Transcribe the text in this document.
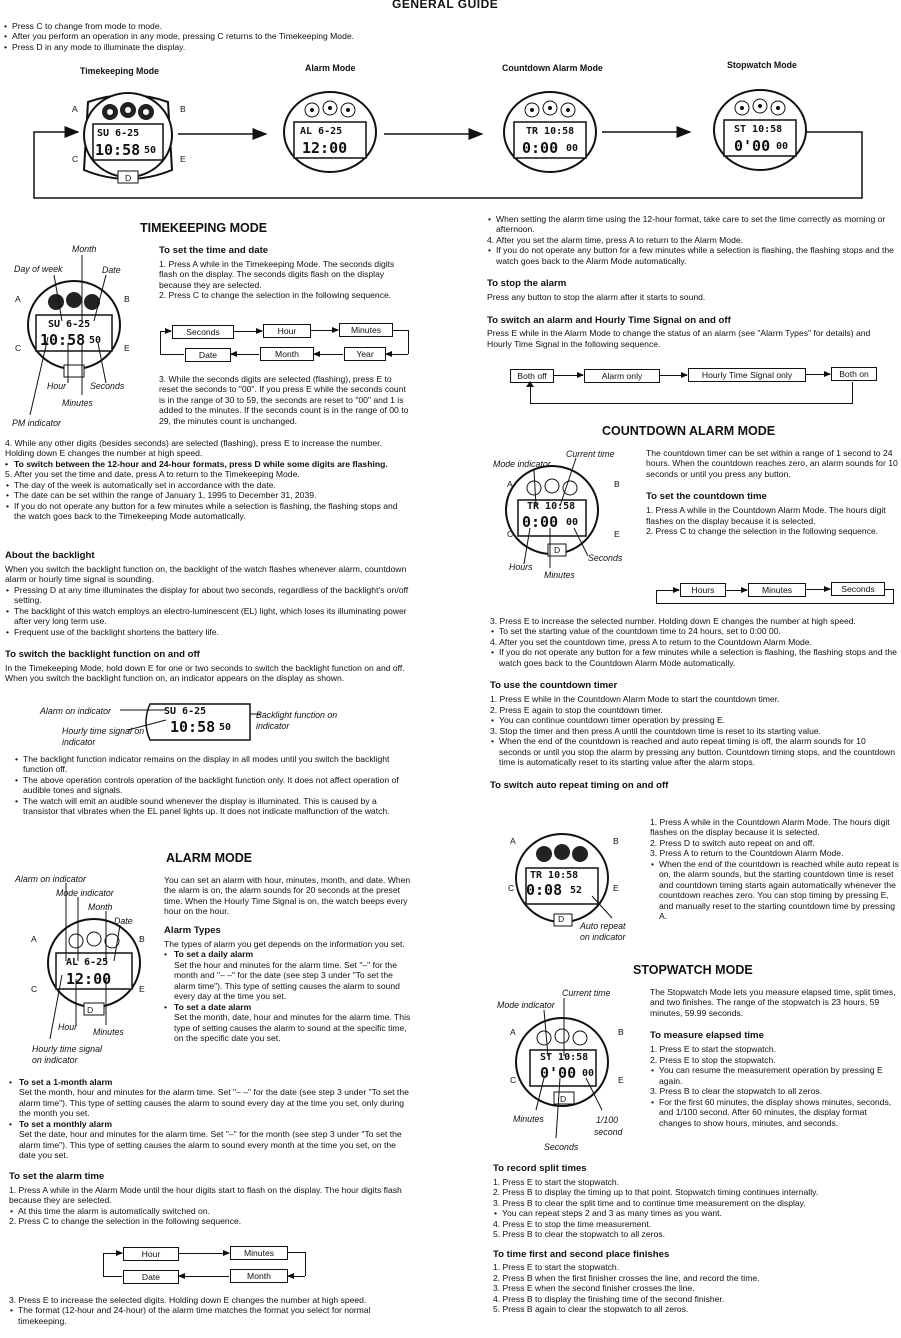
GENERAL GUIDE
• Press C to change from mode to mode.
• After you perform an operation in any mode, pressing C returns to the Timekeeping Mode.
• Press D in any mode to illuminate the display.
Timekeeping Mode	Alarm Mode	Countdown Alarm Mode	Stopwatch Mode
SU 6-25
10:58 50
A	B
C	E
D
AL 6-25
12:00
TR 10:58
0:00 00
ST 10:58
0'00 00
TIMEKEEPING MODE
Month
Day of week	Date
A	B
C	E
SU 6-25
10:58 50
Hour	Seconds
Minutes
PM indicator
To set the time and date

1. Press A while in the Timekeeping Mode. The seconds digits flash on the display. The seconds digits flash on the display because they are selected.

2. Press C to change the selection in the following sequence.

Seconds	Hour	Minutes
Date	Month	Year

3. While the seconds digits are selected (flashing), press E to reset the seconds to "00". If you press E while the seconds count is in the range of 30 to 59, the seconds are reset to "00" and 1 is added to the minutes. If the seconds count is in the range of 00 to 29, the minutes count is unchanged.

4. While any other digits (besides seconds) are selected (flashing), press E to increase the number. Holding down E changes the number at high speed.

• To switch between the 12-hour and 24-hour formats, press D while some digits are flashing.

5. After you set the time and date, press A to return to the Timekeeping Mode.

• The day of the week is automatically set in accordance with the date.
• The date can be set within the range of January 1, 1995 to December 31, 2039.
• If you do not operate any button for a few minutes while a selection is flashing, the flashing stops and the watch goes back to the Timekeeping Mode automatically.
About the backlight

When you switch the backlight function on, the backlight of the watch flashes whenever alarm, countdown alarm or hourly time signal is sounding.

• Pressing D at any time illuminates the display for about two seconds, regardless of the backlight's on/off setting.
• The backlight of this watch employs an electro-luminescent (EL) light, which loses its illuminating power after very long term use.
• Frequent use of the backlight shortens the battery life.
To switch the backlight function on and off

In the Timekeeping Mode, hold down E for one or two seconds to switch the backlight function on and off. When you switch the backlight function on, an indicator appears on the display as shown.

Alarm on indicator
Hourly time signal on indicator
Backlight function on indicator
SU 6-25
10:58 50
• The backlight function indicator remains on the display in all modes until you switch the backlight function off.
• The above operation controls operation of the backlight function only. It does not affect operation of audible tones and signals.
• The watch will emit an audible sound whenever the display is illuminated. This is caused by a transistor that vibrates when the EL panel lights up. It does not indicate malfunction of the watch.
ALARM MODE
Alarm on indicator
Mode indicator
Month
Date
A	B
C	E
AL 6-25
12:00
D
Hour Minutes
Hourly time signal
on indicator

You can set an alarm with hour, minutes, month, and date. When the alarm is on, the alarm sounds for 20 seconds at the preset time. When the Hourly Time Signal is on, the watch beeps every hour on the hour.

Alarm Types

The types of alarm you get depends on the information you set.

• To set a daily alarm

Set the hour and minutes for the alarm time. Set "–" for the month and "– –" for the date (see step 3 under "To set the alarm time"). This type of setting causes the alarm to sound every day at the time you set.

• To set a date alarm

Set the month, date, hour and minutes for the alarm time. This type of setting causes the alarm to sound at the specific time, on the specific date you set.

• To set a 1-month alarm

Set the month, hour and minutes for the alarm time. Set "– –" for the date (see step 3 under "To set the alarm time"). This type of setting causes the alarm to sound every day at the time you set, only during the month you set.

• To set a monthly alarm

Set the date, hour and minutes for the alarm time. Set "–" for the month (see step 3 under "To set the alarm time"). This type of setting causes the alarm to sound every month at the time you set, on the date you set.

To set the alarm time

1. Press A while in the Alarm Mode until the hour digits start to flash on the display. The hour digits flash because they are selected.

• At this time the alarm is automatically switched on.

2. Press C to change the selection in the following sequence.

Hour	Minutes
Date	Month

3. Press E to increase the selected digits. Holding down E changes the number at high speed.

• The format (12-hour and 24-hour) of the alarm time matches the format you select for normal timekeeping.
• When setting the alarm time using the 12-hour format, take care to set the time correctly as morning or afternoon.

4. After you set the alarm time, press A to return to the Alarm Mode.

• If you do not operate any button for a few minutes while a selection is flashing, the flashing stops and the watch goes back to the Alarm Mode automatically.
To stop the alarm

Press any button to stop the alarm after it starts to sound.

To switch an alarm and Hourly Time Signal on and off

Press E while in the Alarm Mode to change the status of an alarm (see "Alarm Types" for details) and Hourly Time Signal in the following sequence.

Both off	Alarm only	Hourly Time Signal only	Both on
COUNTDOWN ALARM MODE
Current time
Mode indicator
A	B
C	E
TR 10:58
0:00 00
D
Seconds
Hours
Minutes

The countdown timer can be set within a range of 1 second to 24 hours. When the countdown reaches zero, an alarm sounds for 10 seconds or until you press any button.

To set the countdown time

1. Press A while in the Countdown Alarm Mode. The hours digit flashes on the display because it is selected.

2. Press C to change the selection in the following sequence.

Hours	Minutes	Seconds

3. Press E to increase the selected number. Holding down E changes the number at high speed.

• To set the starting value of the countdown time to 24 hours, set to 0:00 00.

4. After you set the countdown time, press A to return to the Countdown Alarm Mode.

• If you do not operate any button for a few minutes while a selection is flashing, the flashing stops and the watch goes back to the Countdown Alarm Mode automatically.
To use the countdown timer

1. Press E while in the Countdown Alarm Mode to start the countdown timer.

2. Press E again to stop the countdown timer.

• You can continue countdown timer operation by pressing E.

3. Stop the timer and then press A until the countdown time is reset to its starting value.

• When the end of the countdown is reached and auto repeat timing is off, the alarm sounds for 10 seconds or until you stop the alarm by pressing any button. Countdown timing stops, and the countdown time is automatically reset to its starting value after the alarm stops.
To switch auto repeat timing on and off
A	B
C	E
TR 10:58
0:08 52
D
Auto repeat
on indicator

1. Press A while in the Countdown Alarm Mode. The hours digit flashes on the display because it is selected.

2. Press D to switch auto repeat on and off.

3. Press A to return to the Countdown Alarm Mode.

• When the end of the countdown is reached while auto repeat is on, the alarm sounds, but the starting countdown time is reset and countdown timing starts again automatically whenever the countdown reaches zero. You can stop timing by pressing E, and manually reset to the starting countdown time by pressing A.
STOPWATCH MODE
Current time
Mode indicator
A	B
C	E
ST 10:58
0'00 00
D
Minutes	1/100
second
Seconds

The Stopwatch Mode lets you measure elapsed time, split times, and two finishes. The range of the stopwatch is 23 hours, 59 minutes, 59.99 seconds.

To measure elapsed time

1. Press E to start the stopwatch.

2. Press E to stop the stopwatch.

• You can resume the measurement operation by pressing E again.

3. Press B to clear the stopwatch to all zeros.

• For the first 60 minutes, the display shows minutes, seconds, and 1/100 second. After 60 minutes, the display format changes to show hours, minutes, and seconds.
To record split times

1. Press E to start the stopwatch.

2. Press B to display the timing up to that point. Stopwatch timing continues internally.

3. Press B to clear the split time and to continue time measurement on the display.

• You can repeat steps 2 and 3 as many times as you want.

4. Press E to stop the time measurement.

5. Press B to clear the stopwatch to all zeros.

To time first and second place finishes

1. Press E to start the stopwatch.

2. Press B when the first finisher crosses the line, and record the time.

3. Press E when the second finisher crosses the line.

4. Press B to display the finishing time of the second finisher.

5. Press B again to clear the stopwatch to all zeros.
